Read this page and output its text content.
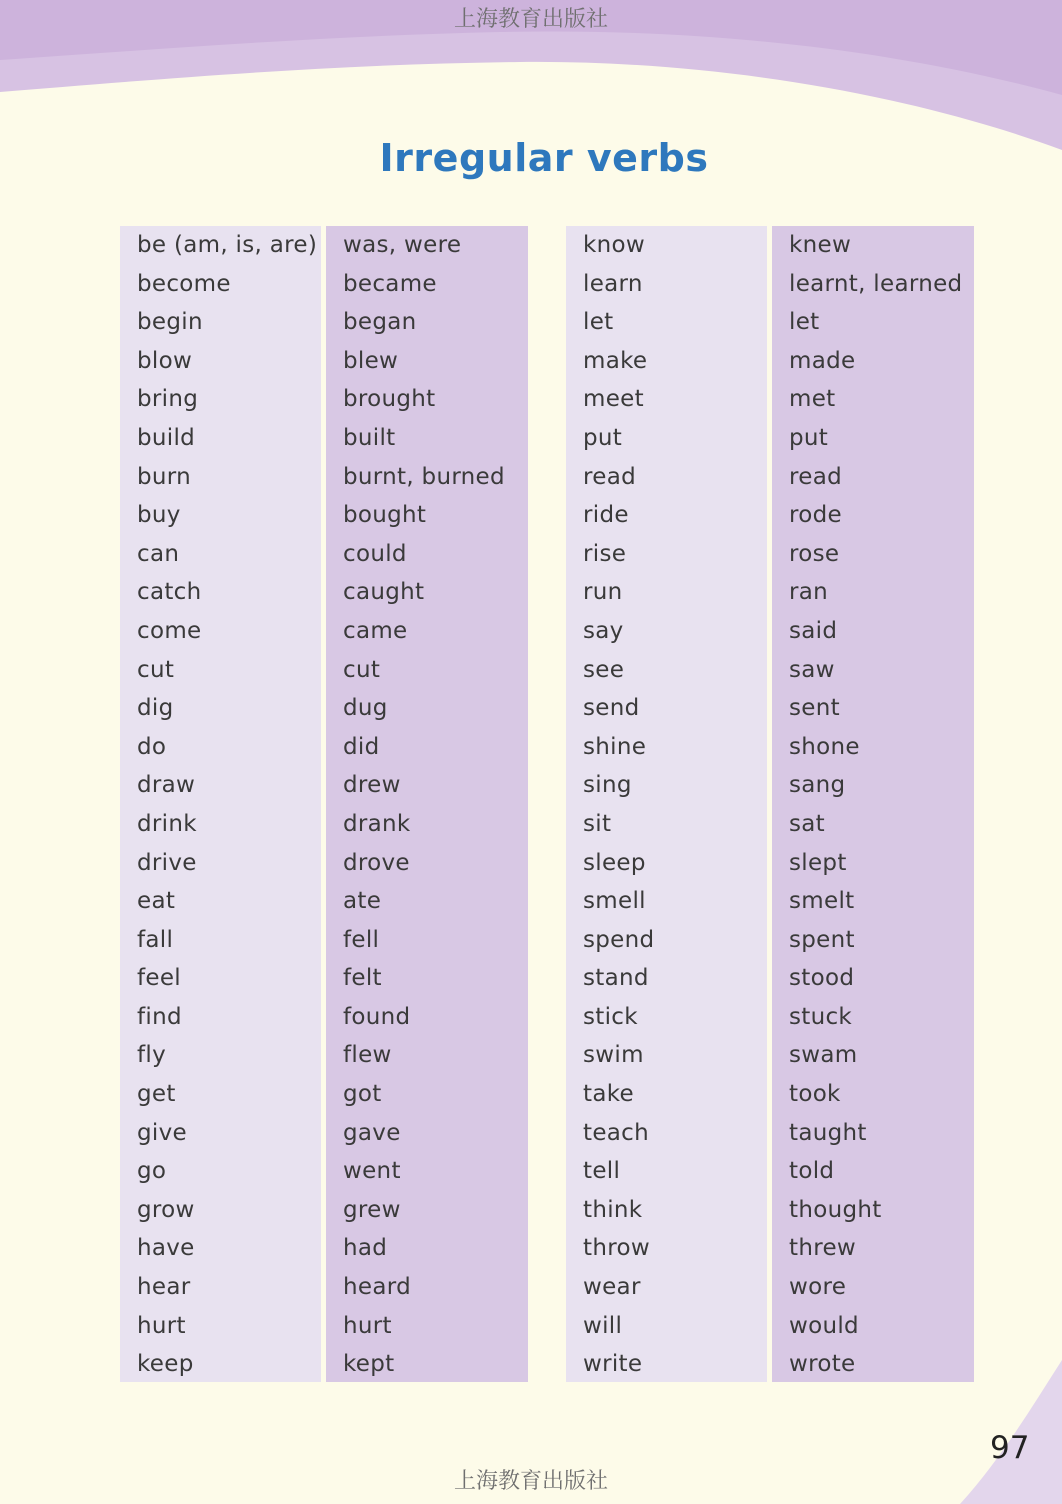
上海教育出版社
Irregular verbs
be (am, is, are)
become
begin
blow
bring
build
burn
buy
can
catch
come
cut
dig
do
draw
drink
drive
eat
fall
feel
find
fly
get
give
go
grow
have
hear
hurt
keep
was, were
became
began
blew
brought
built
burnt, burned
bought
could
caught
came
cut
dug
did
drew
drank
drove
ate
fell
felt
found
flew
got
gave
went
grew
had
heard
hurt
kept
know
learn
let
make
meet
put
read
ride
rise
run
say
see
send
shine
sing
sit
sleep
smell
spend
stand
stick
swim
take
teach
tell
think
throw
wear
will
write
knew
learnt, learned
let
made
met
put
read
rode
rose
ran
said
saw
sent
shone
sang
sat
slept
smelt
spent
stood
stuck
swam
took
taught
told
thought
threw
wore
would
wrote
97
上海教育出版社
